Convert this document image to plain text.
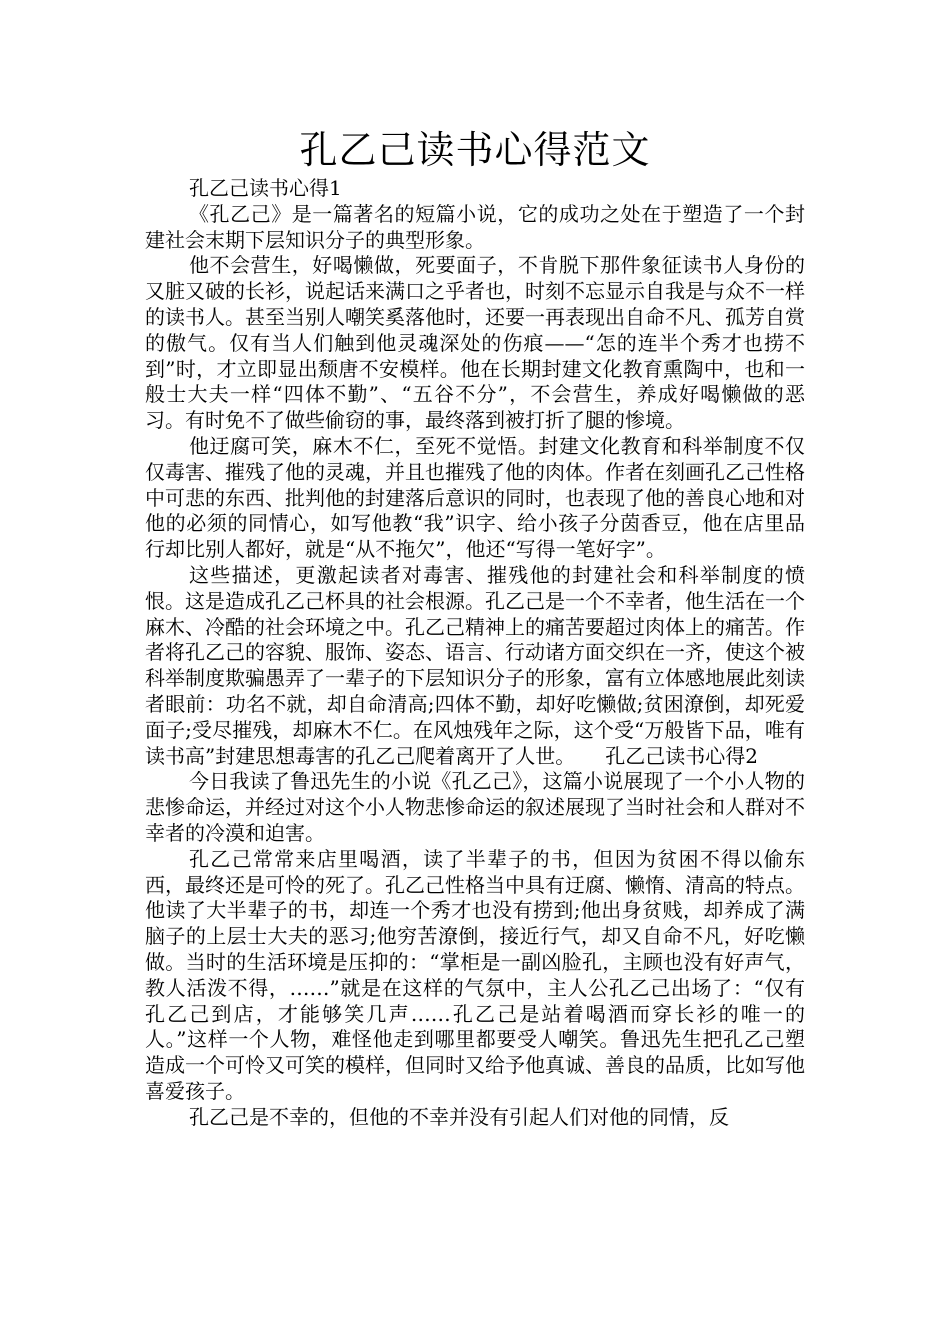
孔乙己读书心得范文

孔乙己读书心得1

《孔乙己》是一篇著名的短篇小说，它的成功之处在于塑造了一个封建社会末期下层知识分子的典型形象。

他不会营生，好喝懒做，死要面子，不肯脱下那件象征读书人身份的又脏又破的长衫，说起话来满口之乎者也，时刻不忘显示自我是与众不一样的读书人。甚至当别人嘲笑奚落他时，还要一再表现出自命不凡、孤芳自赏的傲气。仅有当人们触到他灵魂深处的伤痕——“怎的连半个秀才也捞不到”时，才立即显出颓唐不安模样。他在长期封建文化教育熏陶中，也和一般士大夫一样“四体不勤”、“五谷不分”，不会营生，养成好喝懒做的恶习。有时免不了做些偷窃的事，最终落到被打折了腿的惨境。

他迂腐可笑，麻木不仁，至死不觉悟。封建文化教育和科举制度不仅仅毒害、摧残了他的灵魂，并且也摧残了他的肉体。作者在刻画孔乙己性格中可悲的东西、批判他的封建落后意识的同时，也表现了他的善良心地和对他的必须的同情心，如写他教“我”识字、给小孩子分茵香豆，他在店里品行却比别人都好，就是“从不拖欠”，他还“写得一笔好字”。

这些描述，更激起读者对毒害、摧残他的封建社会和科举制度的愤恨。这是造成孔乙己杯具的社会根源。孔乙己是一个不幸者，他生活在一个麻木、冷酷的社会环境之中。孔乙己精神上的痛苦要超过肉体上的痛苦。作者将孔乙己的容貌、服饰、姿态、语言、行动诸方面交织在一齐，使这个被科举制度欺骗愚弄了一辈子的下层知识分子的形象，富有立体感地展此刻读者眼前：功名不就，却自命清高;四体不勤，却好吃懒做;贫困潦倒，却死爱面子;受尽摧残，却麻木不仁。在风烛残年之际，这个受“万般皆下品，唯有读书高”封建思想毒害的孔乙己爬着离开了人世。　　孔乙己读书心得2

今日我读了鲁迅先生的小说《孔乙己》，这篇小说展现了一个小人物的悲惨命运，并经过对这个小人物悲惨命运的叙述展现了当时社会和人群对不幸者的冷漠和迫害。

孔乙己常常来店里喝酒，读了半辈子的书，但因为贫困不得以偷东西，最终还是可怜的死了。孔乙己性格当中具有迂腐、懒惰、清高的特点。他读了大半辈子的书，却连一个秀才也没有捞到;他出身贫贱，却养成了满脑子的上层士大夫的恶习;他穷苦潦倒，接近行气，却又自命不凡，好吃懒做。当时的生活环境是压抑的：“掌柜是一副凶脸孔，主顾也没有好声气，教人活泼不得，……”就是在这样的气氛中，主人公孔乙己出场了：“仅有孔乙己到店，才能够笑几声……孔乙己是站着喝酒而穿长衫的唯一的人。”这样一个人物，难怪他走到哪里都要受人嘲笑。鲁迅先生把孔乙己塑造成一个可怜又可笑的模样，但同时又给予他真诚、善良的品质，比如写他喜爱孩子。

孔乙己是不幸的，但他的不幸并没有引起人们对他的同情，反
